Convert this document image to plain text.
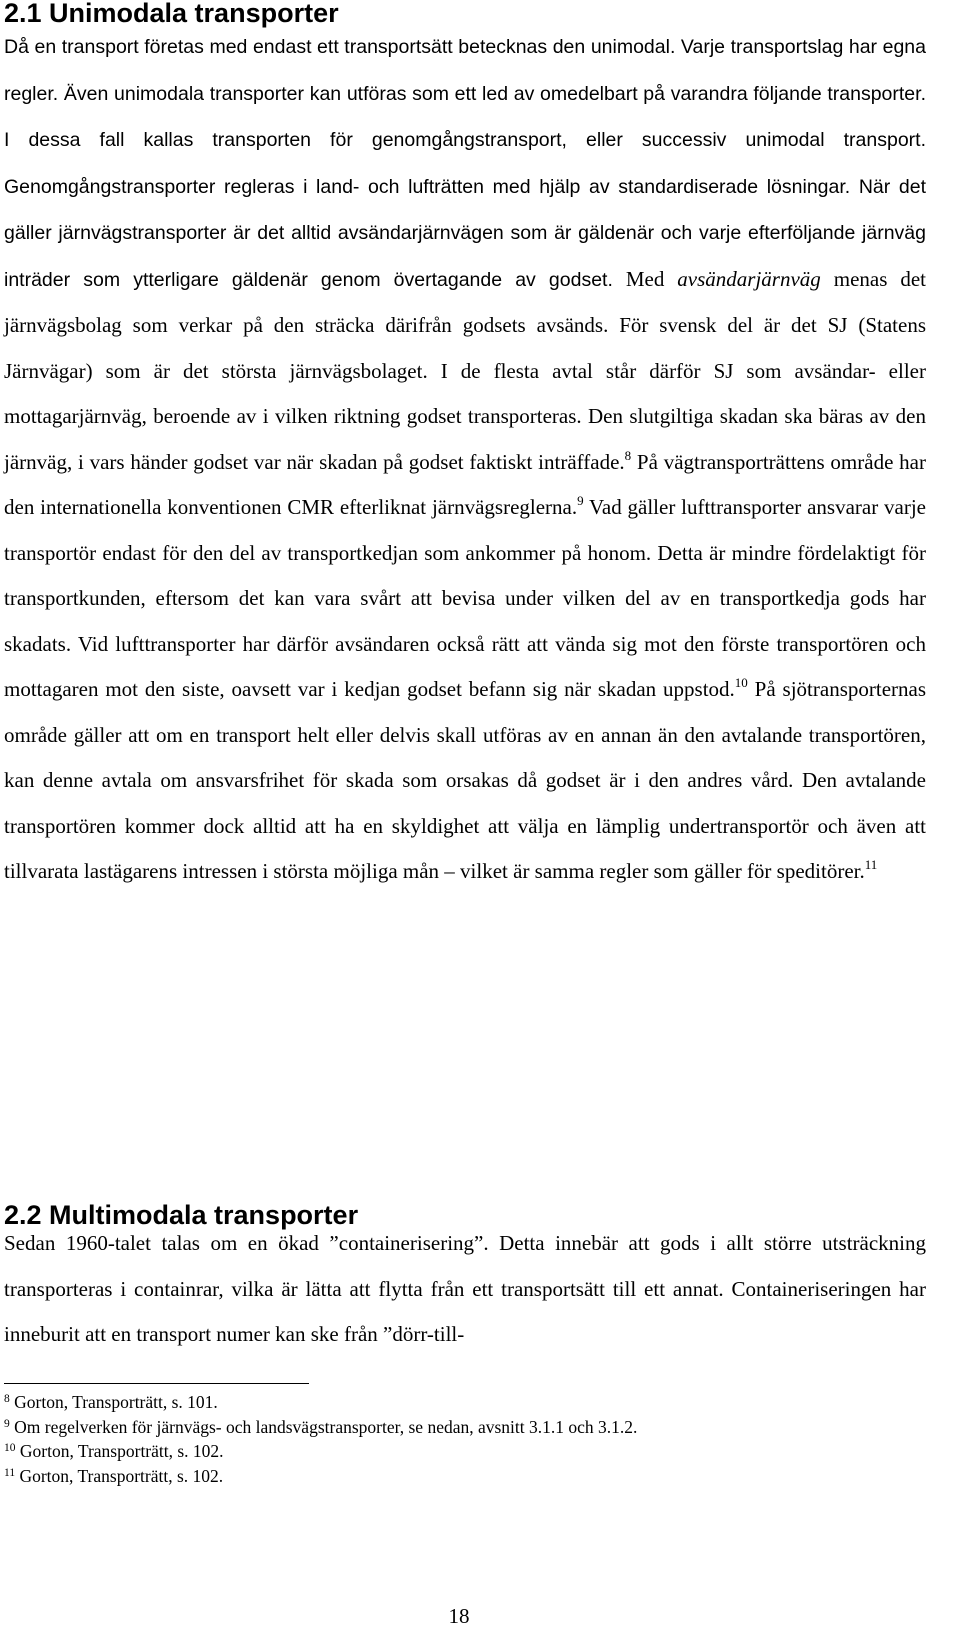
2.1 Unimodala transporter

Då en transport företas med endast ett transportsätt betecknas den unimodal. Varje transportslag har egna regler. Även unimodala transporter kan utföras som ett led av omedelbart på varandra följande transporter. I dessa fall kallas transporten för genomgångstransport, eller successiv unimodal transport. Genomgångstransporter regleras i land- och lufträtten med hjälp av standardiserade lösningar. När det gäller järnvägstransporter är det alltid avsändarjärnvägen som är gäldenär och varje efterföljande järnväg inträder som ytterligare gäldenär genom övertagande av godset. Med avsändarjärnväg menas det järnvägsbolag som verkar på den sträcka därifrån godsets avsänds. För svensk del är det SJ (Statens Järnvägar) som är det största järnvägsbolaget. I de flesta avtal står därför SJ som avsändar- eller mottagarjärnväg, beroende av i vilken riktning godset transporteras. Den slutgiltiga skadan ska bäras av den järnväg, i vars händer godset var när skadan på godset faktiskt inträffade.$^8$ På vägtransporträttens område har den internationella konventionen CMR efterliknat järnvägsreglerna.$^9$ Vad gäller lufttransporter ansvarar varje transportör endast för den del av transportkedjan som ankommer på honom. Detta är mindre fördelaktigt för transportkunden, eftersom det kan vara svårt att bevisa under vilken del av en transportkedja gods har skadats. Vid lufttransporter har därför avsändaren också rätt att vända sig mot den förste transportören och mottagaren mot den siste, oavsett var i kedjan godset befann sig när skadan uppstod.$^{10}$ På sjötransporternas område gäller att om en transport helt eller delvis skall utföras av en annan än den avtalande transportören, kan denne avtala om ansvarsfrihet för skada som orsakas då godset är i den andres vård. Den avtalande transportören kommer dock alltid att ha en skyldighet att välja en lämplig undertransportör och även att tillvarata lastägarens intressen i största möjliga mån – vilket är samma regler som gäller för speditörer.$^{11}$

2.2 Multimodala transporter

Sedan 1960-talet talas om en ökad ”containerisering”. Detta innebär att gods i allt större utsträckning transporteras i containrar, vilka är lätta att flytta från ett transportsätt till ett annat. Containeriseringen har inneburit att en transport numer kan ske från ”dörr-till-

$^8$ Gorton, Transporträtt, s. 101.
$^9$ Om regelverken för järnvägs- och landsvägstransporter, se nedan, avsnitt 3.1.1 och 3.1.2.
$^{10}$ Gorton, Transporträtt, s. 102.
$^{11}$ Gorton, Transporträtt, s. 102.

18
